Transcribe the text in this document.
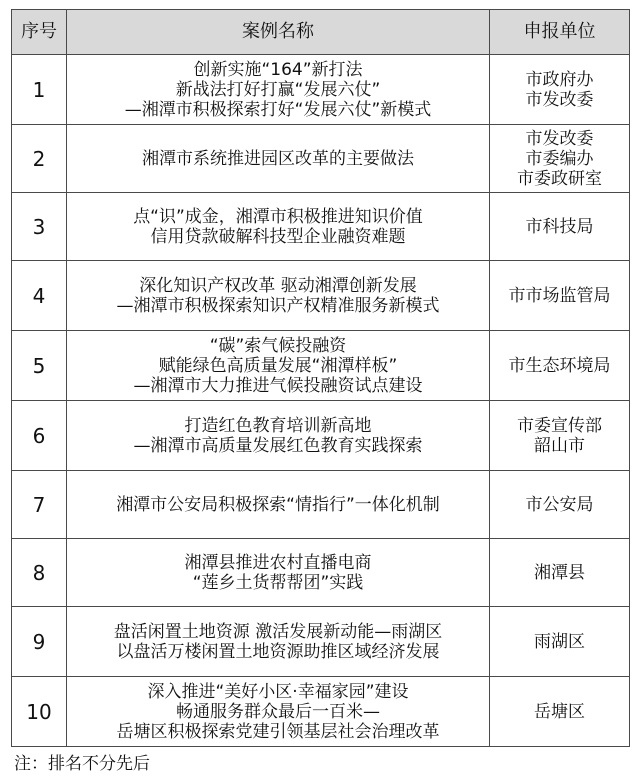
序号	案例名称	申报单位
1	创新实施“164”新打法
新战法打好打赢“发展六仗”
—湘潭市积极探索打好“发展六仗”新模式	市政府办
市发改委

2	湘潭市系统推进园区改革的主要做法	市发改委
市委编办
市委政研室

3	点“识”成金，湘潭市积极推进知识价值
信用贷款破解科技型企业融资难题	市科技局

4	深化知识产权改革 驱动湘潭创新发展
—湘潭市积极探索知识产权精准服务新模式	市市场监管局

5	“碳”索气候投融资
赋能绿色高质量发展“湘潭样板”
—湘潭市大力推进气候投融资试点建设	市生态环境局

6	打造红色教育培训新高地
—湘潭市高质量发展红色教育实践探索	市委宣传部
韶山市

7	湘潭市公安局积极探索“情指行”一体化机制	市公安局

8	湘潭县推进农村直播电商
“莲乡土货帮帮团”实践	湘潭县

9	盘活闲置土地资源 激活发展新动能—雨湖区
以盘活万楼闲置土地资源助推区域经济发展	雨湖区

10	深入推进“美好小区·幸福家园”建设
畅通服务群众最后一百米—
岳塘区积极探索党建引领基层社会治理改革	岳塘区
注：排名不分先后
